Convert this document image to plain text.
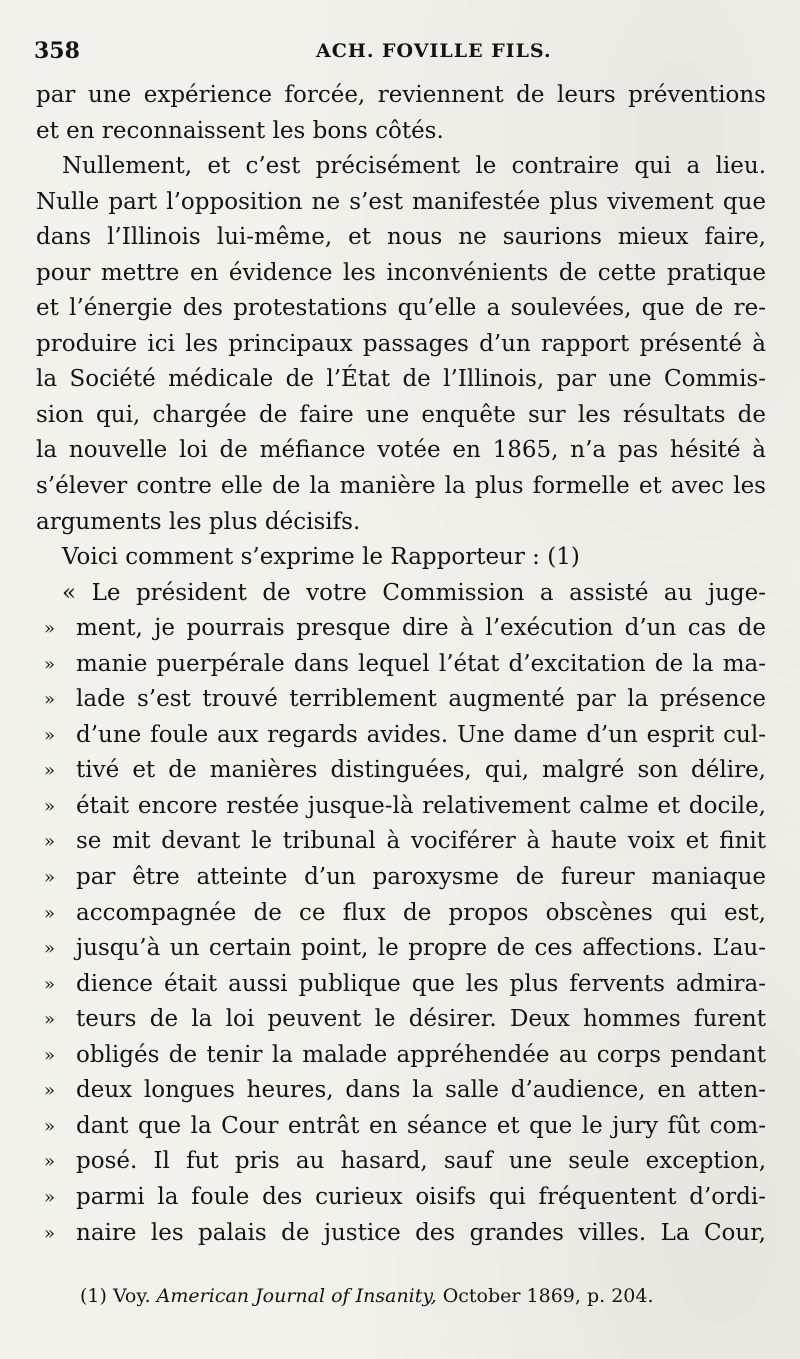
358	ACH. FOVILLE FILS.
par une expérience forcée, reviennent de leurs préventions
et en reconnaissent les bons côtés.
Nullement, et c’est précisément le contraire qui a lieu.
Nulle part l’opposition ne s’est manifestée plus vivement que
dans l’Illinois lui-même, et nous ne saurions mieux faire,
pour mettre en évidence les inconvénients de cette pratique
et l’énergie des protestations qu’elle a soulevées, que de re-
produire ici les principaux passages d’un rapport présenté à
la Société médicale de l’État de l’Illinois, par une Commis-
sion qui, chargée de faire une enquête sur les résultats de
la nouvelle loi de méfiance votée en 1865, n’a pas hésité à
s’élever contre elle de la manière la plus formelle et avec les
arguments les plus décisifs.
Voici comment s’exprime le Rapporteur : (1)
« Le président de votre Commission a assisté au juge-
» ment, je pourrais presque dire à l’exécution d’un cas de
» manie puerpérale dans lequel l’état d’excitation de la ma-
» lade s’est trouvé terriblement augmenté par la présence
» d’une foule aux regards avides. Une dame d’un esprit cul-
» tivé et de manières distinguées, qui, malgré son délire,
» était encore restée jusque-là relativement calme et docile,
» se mit devant le tribunal à vociférer à haute voix et finit
» par être atteinte d’un paroxysme de fureur maniaque
» accompagnée de ce flux de propos obscènes qui est,
» jusqu’à un certain point, le propre de ces affections. L’au-
» dience était aussi publique que les plus fervents admira-
» teurs de la loi peuvent le désirer. Deux hommes furent
» obligés de tenir la malade appréhendée au corps pendant
» deux longues heures, dans la salle d’audience, en atten-
» dant que la Cour entrât en séance et que le jury fût com-
» posé. Il fut pris au hasard, sauf une seule exception,
» parmi la foule des curieux oisifs qui fréquentent d’ordi-
» naire les palais de justice des grandes villes. La Cour,
(1) Voy. American Journal of Insanity, October 1869, p. 204.
